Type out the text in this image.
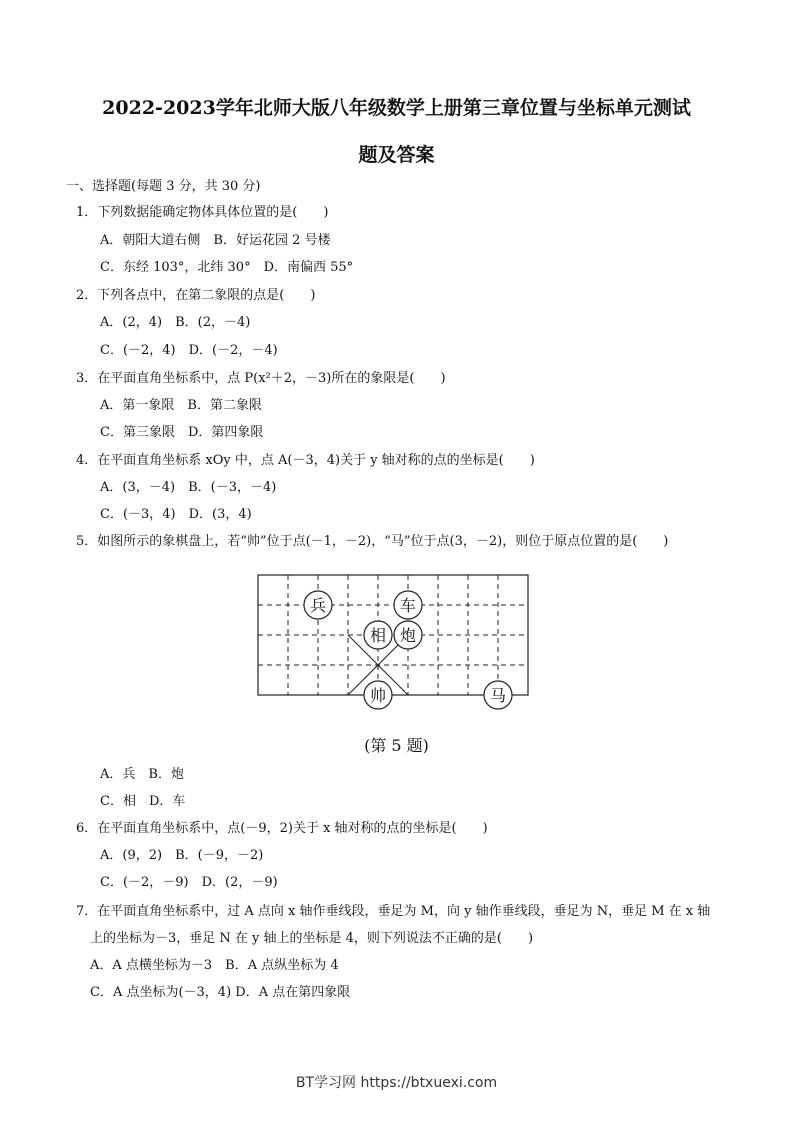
2022-2023学年北师大版八年级数学上册第三章位置与坐标单元测试
题及答案
一、选择题(每题 3 分，共 30 分)
1．下列数据能确定物体具体位置的是(　　)
A．朝阳大道右侧　B．好运花园 2 号楼
C．东经 103°，北纬 30°　D．南偏西 55°
2．下列各点中，在第二象限的点是(　　)
A．(2，4)　B．(2，－4)
C．(－2，4)　D．(－2，－4)
3．在平面直角坐标系中，点 P(x²＋2，－3)所在的象限是(　　)
A．第一象限　B．第二象限
C．第三象限　D．第四象限
4．在平面直角坐标系 xOy 中，点 A(－3，4)关于 y 轴对称的点的坐标是(　　)
A．(3，－4)　B．(－3，－4)
C．(－3，4)　D．(3，4)
5．如图所示的象棋盘上，若“帅”位于点(－1，－2)，“马”位于点(3，－2)，则位于原点位置的是(　　)
兵	车
相 炮
帅	马
(第 5 题)
A．兵　B．炮
C．相　D．车
6．在平面直角坐标系中，点(－9，2)关于 x 轴对称的点的坐标是(　　)
A．(9，2)　B．(－9，－2)
C．(－2，－9)　D．(2，－9)
7．在平面直角坐标系中，过 A 点向 x 轴作垂线段，垂足为 M，向 y 轴作垂线段，垂足为 N，垂足 M 在 x 轴
上的坐标为－3，垂足 N 在 y 轴上的坐标是 4，则下列说法不正确的是(　　)
A．A 点横坐标为－3　B．A 点纵坐标为 4
C．A 点坐标为(－3，4) D．A 点在第四象限
BT学习网 https://btxuexi.com
